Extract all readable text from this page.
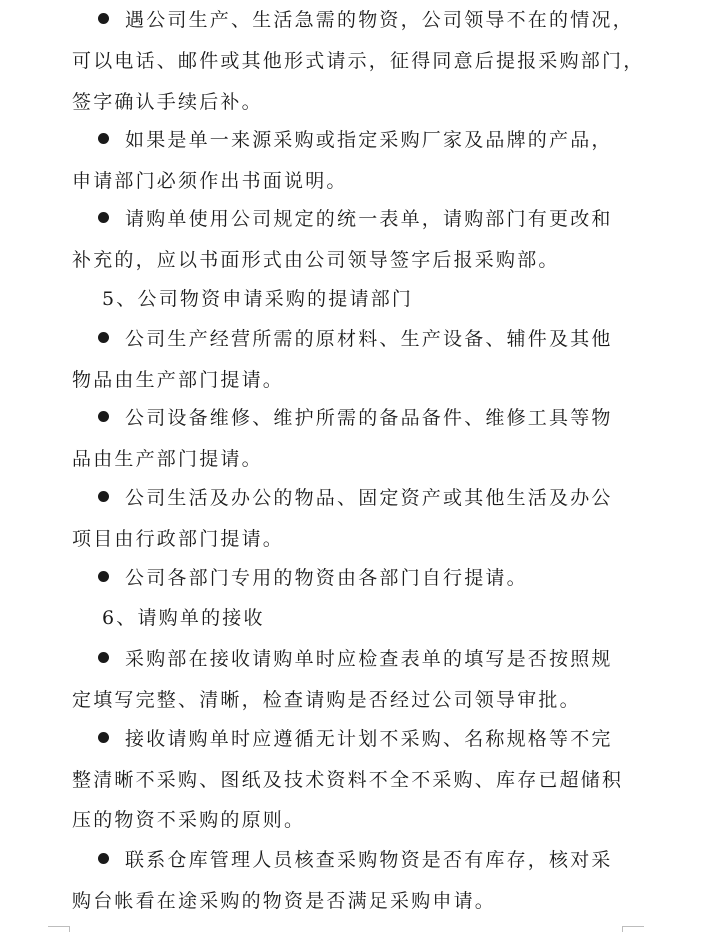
遇公司生产、生活急需的物资，公司领导不在的情况，
可以电话、邮件或其他形式请示，征得同意后提报采购部门，
签字确认手续后补。
如果是单一来源采购或指定采购厂家及品牌的产品，
申请部门必须作出书面说明。
请购单使用公司规定的统一表单，请购部门有更改和
补充的，应以书面形式由公司领导签字后报采购部。
5、公司物资申请采购的提请部门
公司生产经营所需的原材料、生产设备、辅件及其他
物品由生产部门提请。
公司设备维修、维护所需的备品备件、维修工具等物
品由生产部门提请。
公司生活及办公的物品、固定资产或其他生活及办公
项目由行政部门提请。
公司各部门专用的物资由各部门自行提请。
6、请购单的接收
采购部在接收请购单时应检查表单的填写是否按照规
定填写完整、清晰，检查请购是否经过公司领导审批。
接收请购单时应遵循无计划不采购、名称规格等不完
整清晰不采购、图纸及技术资料不全不采购、库存已超储积
压的物资不采购的原则。
联系仓库管理人员核查采购物资是否有库存，核对采
购台帐看在途采购的物资是否满足采购申请。
